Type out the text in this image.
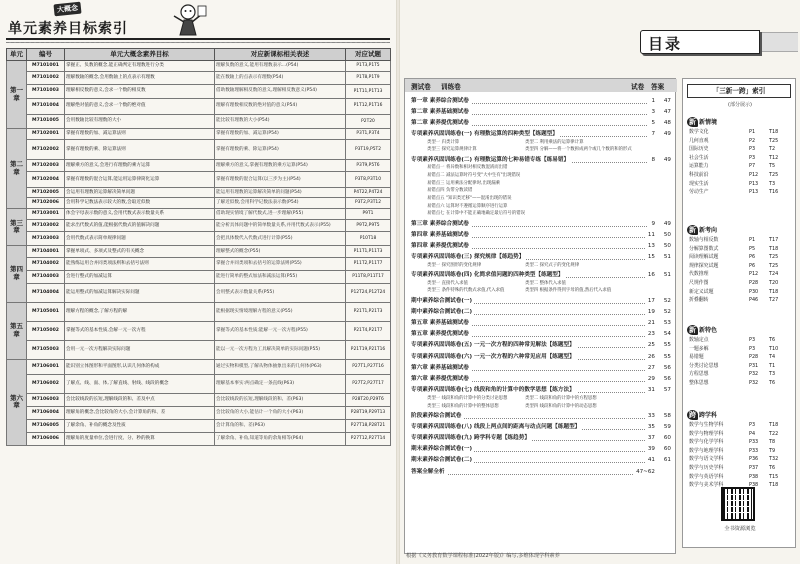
大概念
单元素养目标索引
单元	编号	单元大概念素养目标	对应新课标相关表述	对应试题
第一章	M7101001	掌握正、负数的概念,能正确判定有理数进行分类	理解负数的意义,能用有理数表示...(P54)	P1T3,P1T5
	M7101002	理解数轴的概念,会用数轴上的点表示有理数	能在数轴上的点表示有理数(P54)	P1T8,P1T9
	M7101003	理解相反数的意义,会求一个数的相反数	借助数轴理解相反数的意义,理解相反数意义(P54)	P1T11,P1T13
	M7101004	理解绝对值的意义,会求一个数的绝对值	理解有理数相反数的绝对值的意义(P54)	P1T12,P1T16
	M7101005	会用数轴比较有理数的大小	能比较有理数的大小(P54)	P2T20
第二章	M7102001	掌握有理数的加、减运算法则	掌握有理数的加、减运算(P54)	P3T1,P3T4
	M7102002	掌握有理数的乘、除运算法则	掌握有理数的乘、除运算(P54)	P3T19,P5T2
	M7102003	理解乘方的意义,会进行有理数的乘方运算	理解乘方的意义,掌握有理数的乘方运算(P54)	P3T9,P5T6
	M7102004	掌握有理数的混合运算,能运用运算律简化运算	掌握有理数的混合运算(以三步为主)(P54)	P3T8,P3T10
	M7102005	会运用有理数的运算解决简单问题	能运用有理数的运算解决简单的问题(P54)	P4T22,P4T24
	M7102006	会用科学记数法表示较大的数,会取近似数	了解近似数,会用科学记数法表示数(P54)	P3T2,P3T12
第三章	M7103001	体会字母表示数的意义,会用代数式表示数量关系	借助现实情境了解代数式,进一步理解(P55)	P9T1
	M7103002	能求出代数式的值,能根据代数式的值解决问题	能分析具体问题中的简单数量关系,并用代数式表示(P55)	P9T2,P9T5
	M7103003	会用代数式表示简单规律问题	会把具体数代入代数式进行计算(P55)	P10T18
第四章	M7104001	掌握单项式、多项式及整式的有关概念	理解整式的概念(P55)	P11T1,P11T3
	M7104002	能熟练运用合并同类项法则和去括号法则	掌握合并同类项和去括号的运算法则(P55)	P11T2,P11T7
	M7104003	会进行整式的加减运算	能进行简单的整式加法和减法运算(P55)	P11T8,P11T17
	M7104004	能运用整式的加减运算解决实际问题	会用整式表示数量关系(P55)	P12T24,P12T24
第五章	M7105001	理解方程的概念,了解方程的解	能根据现实情境理解方程的意义(P55)	P21T1,P21T3
	M7105002	掌握等式的基本性质,会解一元一次方程	掌握等式的基本性质;能解一元一次方程(P55)	P21T4,P21T7
	M7105003	会用一元一次方程解决实际问题	能以一元一次方程为工具解决简单的实际问题(P55)	P21T19,P21T16
第六章	M7106001	能识别立体图形和平面图形,认识几何体的构成	通过实物和模型,了解从物体抽象出来的几何体(P63)	P27T1,P27T16
	M7106002	了解点、线、面、体,了解直线、射线、线段的概念	理解基本事实:两点确定一条直线(P63)	P27T2,P27T17
	M7106003	会比较线段的长短,理解线段的和、差及中点	会比较线段的长短,理解线段的和、差(P63)	P28T20,P29T6
	M7106004	理解角的概念,会比较角的大小,会计算角的和、差	会比较角的大小,能估计一个角的大小(P63)	P28T19,P29T13
	M7106005	了解余角、补角的概念及性质	会计算角的和、差(P63)	P27T18,P28T21
	M7106006	理解角的度量单位,会进行度、分、秒的换算	了解余角、补角,知道等角的余角相等(P64)	P27T12,P27T14
目录
测试卷 训练卷	试卷 答案
第一章 素养综合测试卷	1	47
第二章 素养基础测试卷	3	47
第二章 素养提优测试卷	5	48
专项素养巩固训练卷(一) 有理数运算的四种类型【练题型】	7	49
类型一 归类计算	类型二 利用乘法的运算律计算
类型三 探究运算规律计算	类型四 分解——将一个数拆成两个或几个数的和的形式
专项素养巩固训练卷(二) 有理数运算的七种易错专练【练易错】	8	49
易错点一 将异数和相对相反数混淆而出错
易错点二 减法运算时符号变"大中生有"出现错误
易错点三 运用乘法分配律时,出现漏乘
易错点四 负带分数读错
易错点五 "知识类迁移"——混淆出现的错误
易错点六 运算时不遵循运算顺序进行运算
易错点七 在计算中不能正确地确定最后符号的错误
第三章 素养综合测试卷	9	49
第四章 素养基础测试卷	11	50
第四章 素养提优测试卷	13	50
专项素养巩固训练卷(三) 探究规律【练趋势】	15	51
类型一 探究图形的变化规律	类型二 探究式子的变化规律
专项素养巩固训练卷(四) 化简求值问题的四种类型【练题型】	16	51
类型一 直接代入求值	类型二 整体代入求值
类型三 条件特殊的代数式求值,代入求值	类型四 根据条件得到字母的值,然后代入求值
期中素养综合测试卷(一)	17	52
期中素养综合测试卷(二)	19	52
第五章 素养基础测试卷	21	53
第五章 素养提优测试卷	23	54
专项素养巩固训练卷(五) 一元一次方程的四种常见解法【练题型】	25	55
专项素养巩固训练卷(六) 一元一次方程的六种常见应用【练题型】	26	55
第六章 素养基础测试卷	27	56
第六章 素养提优测试卷	29	56
专项素养巩固训练卷(七) 线段和角的计算中的数学思想【练方法】	31	57
类型一 线段和角的计算中的分类讨论思想	类型二 线段和角的计算中的方程思想
类型三 线段和角的计算中的整体思想	类型四 线段和角的计算中的动态思想
阶段素养综合测试卷	33	58
专项素养巩固训练卷(八) 线段上两点间的距离与动点问题【练题型】	35	59
专项素养巩固训练卷(九) 跨学科专题【练趋势】	37	60
期末素养综合测试卷(一)	39	60
期末素养综合测试卷(二)	41	61
答案全解全析	47~62
根据《义务教育数学课程标准(2022年版)》编写,多维体现学科素养
「三新一跨」索引
(部分展示)
全书资源浏览
新 新情境
数学文化	P1	T18
几何直观	P2	T25
国际历史	P3	T2
社会生活	P3	T12
运算能力	P7	T5
科技前沿	P12 T25
现实生活	P13 T3
劳动生产	P13 T16
新 新考向
数轴与相反数	P1	T17
分解算图数式	P5	T18
阅读理解试题	P6	T25
规律探究试题	P6	T25
代数推理	P12 T24
尺规作图	P28 T20
新定义试题	P30 T18
折叠翻转	P46 T27
新 新特色
数轴定点	P3	T6
一题多解	P3	T10
易错题	P28 T4
分类讨论思想	P31 T1
方程思想	P32 T3
整体思想	P32 T6
跨 跨学科
数学与生物学科	P3	T18
数学与物理学科	P4	T22
数学与化学学科	P33 T8
数学与地理学科	P33 T9
数学与语文学科	P36 T32
数学与历史学科	P37 T6
数学与英语学科	P38 T15
数学与美术学科	P38 T18
